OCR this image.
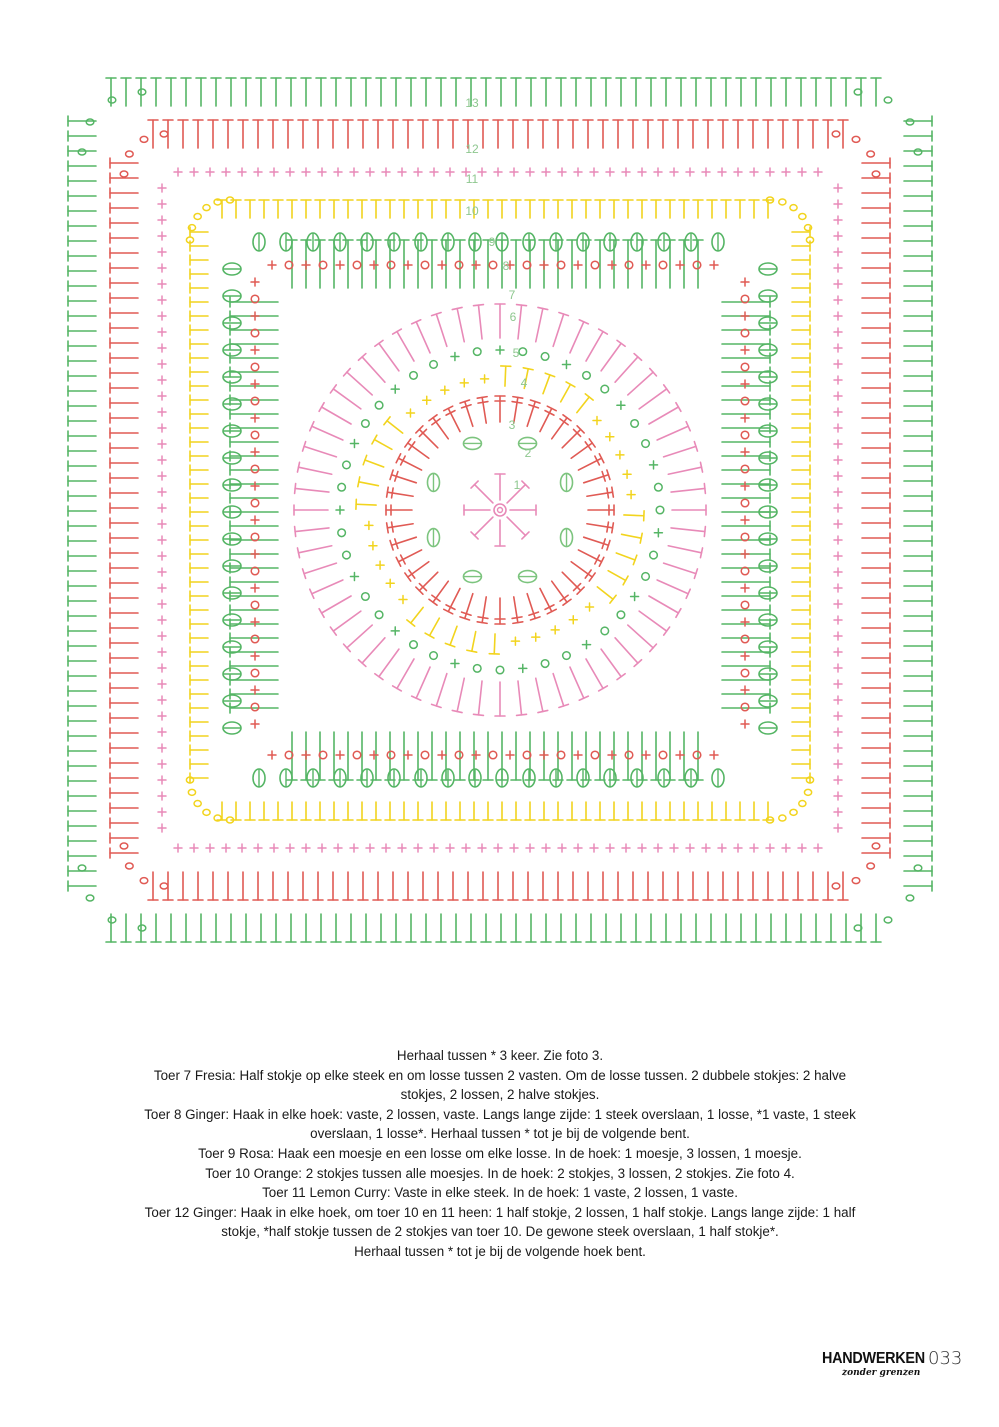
1
2
3
4
5
6
7
8
9
10
11
12
13

Herhaal tussen * 3 keer. Zie foto 3.

Toer 7 Fresia: Half stokje op elke steek en om losse tussen 2 vasten. Om de losse tussen. 2 dubbele stokjes: 2 halve

stokjes, 2 lossen, 2 halve stokjes.

Toer 8 Ginger: Haak in elke hoek: vaste, 2 lossen, vaste. Langs lange zijde: 1 steek overslaan, 1 losse, *1 vaste, 1 steek

overslaan, 1 losse*. Herhaal tussen * tot je bij de volgende bent.

Toer 9 Rosa: Haak een moesje en een losse om elke losse. In de hoek: 1 moesje, 3 lossen, 1 moesje.

Toer 10 Orange: 2 stokjes tussen alle moesjes. In de hoek: 2 stokjes, 3 lossen, 2 stokjes. Zie foto 4.

Toer 11 Lemon Curry: Vaste in elke steek. In de hoek: 1 vaste, 2 lossen, 1 vaste.

Toer 12 Ginger: Haak in elke hoek, om toer 10 en 11 heen: 1 half stokje, 2 lossen, 1 half stokje. Langs lange zijde: 1 half

stokje, *half stokje tussen de 2 stokjes van toer 10. De gewone steek overslaan, 1 half stokje*.

Herhaal tussen * tot je bij de volgende hoek bent.

HANDWERKEN
zonder grenzen
033
